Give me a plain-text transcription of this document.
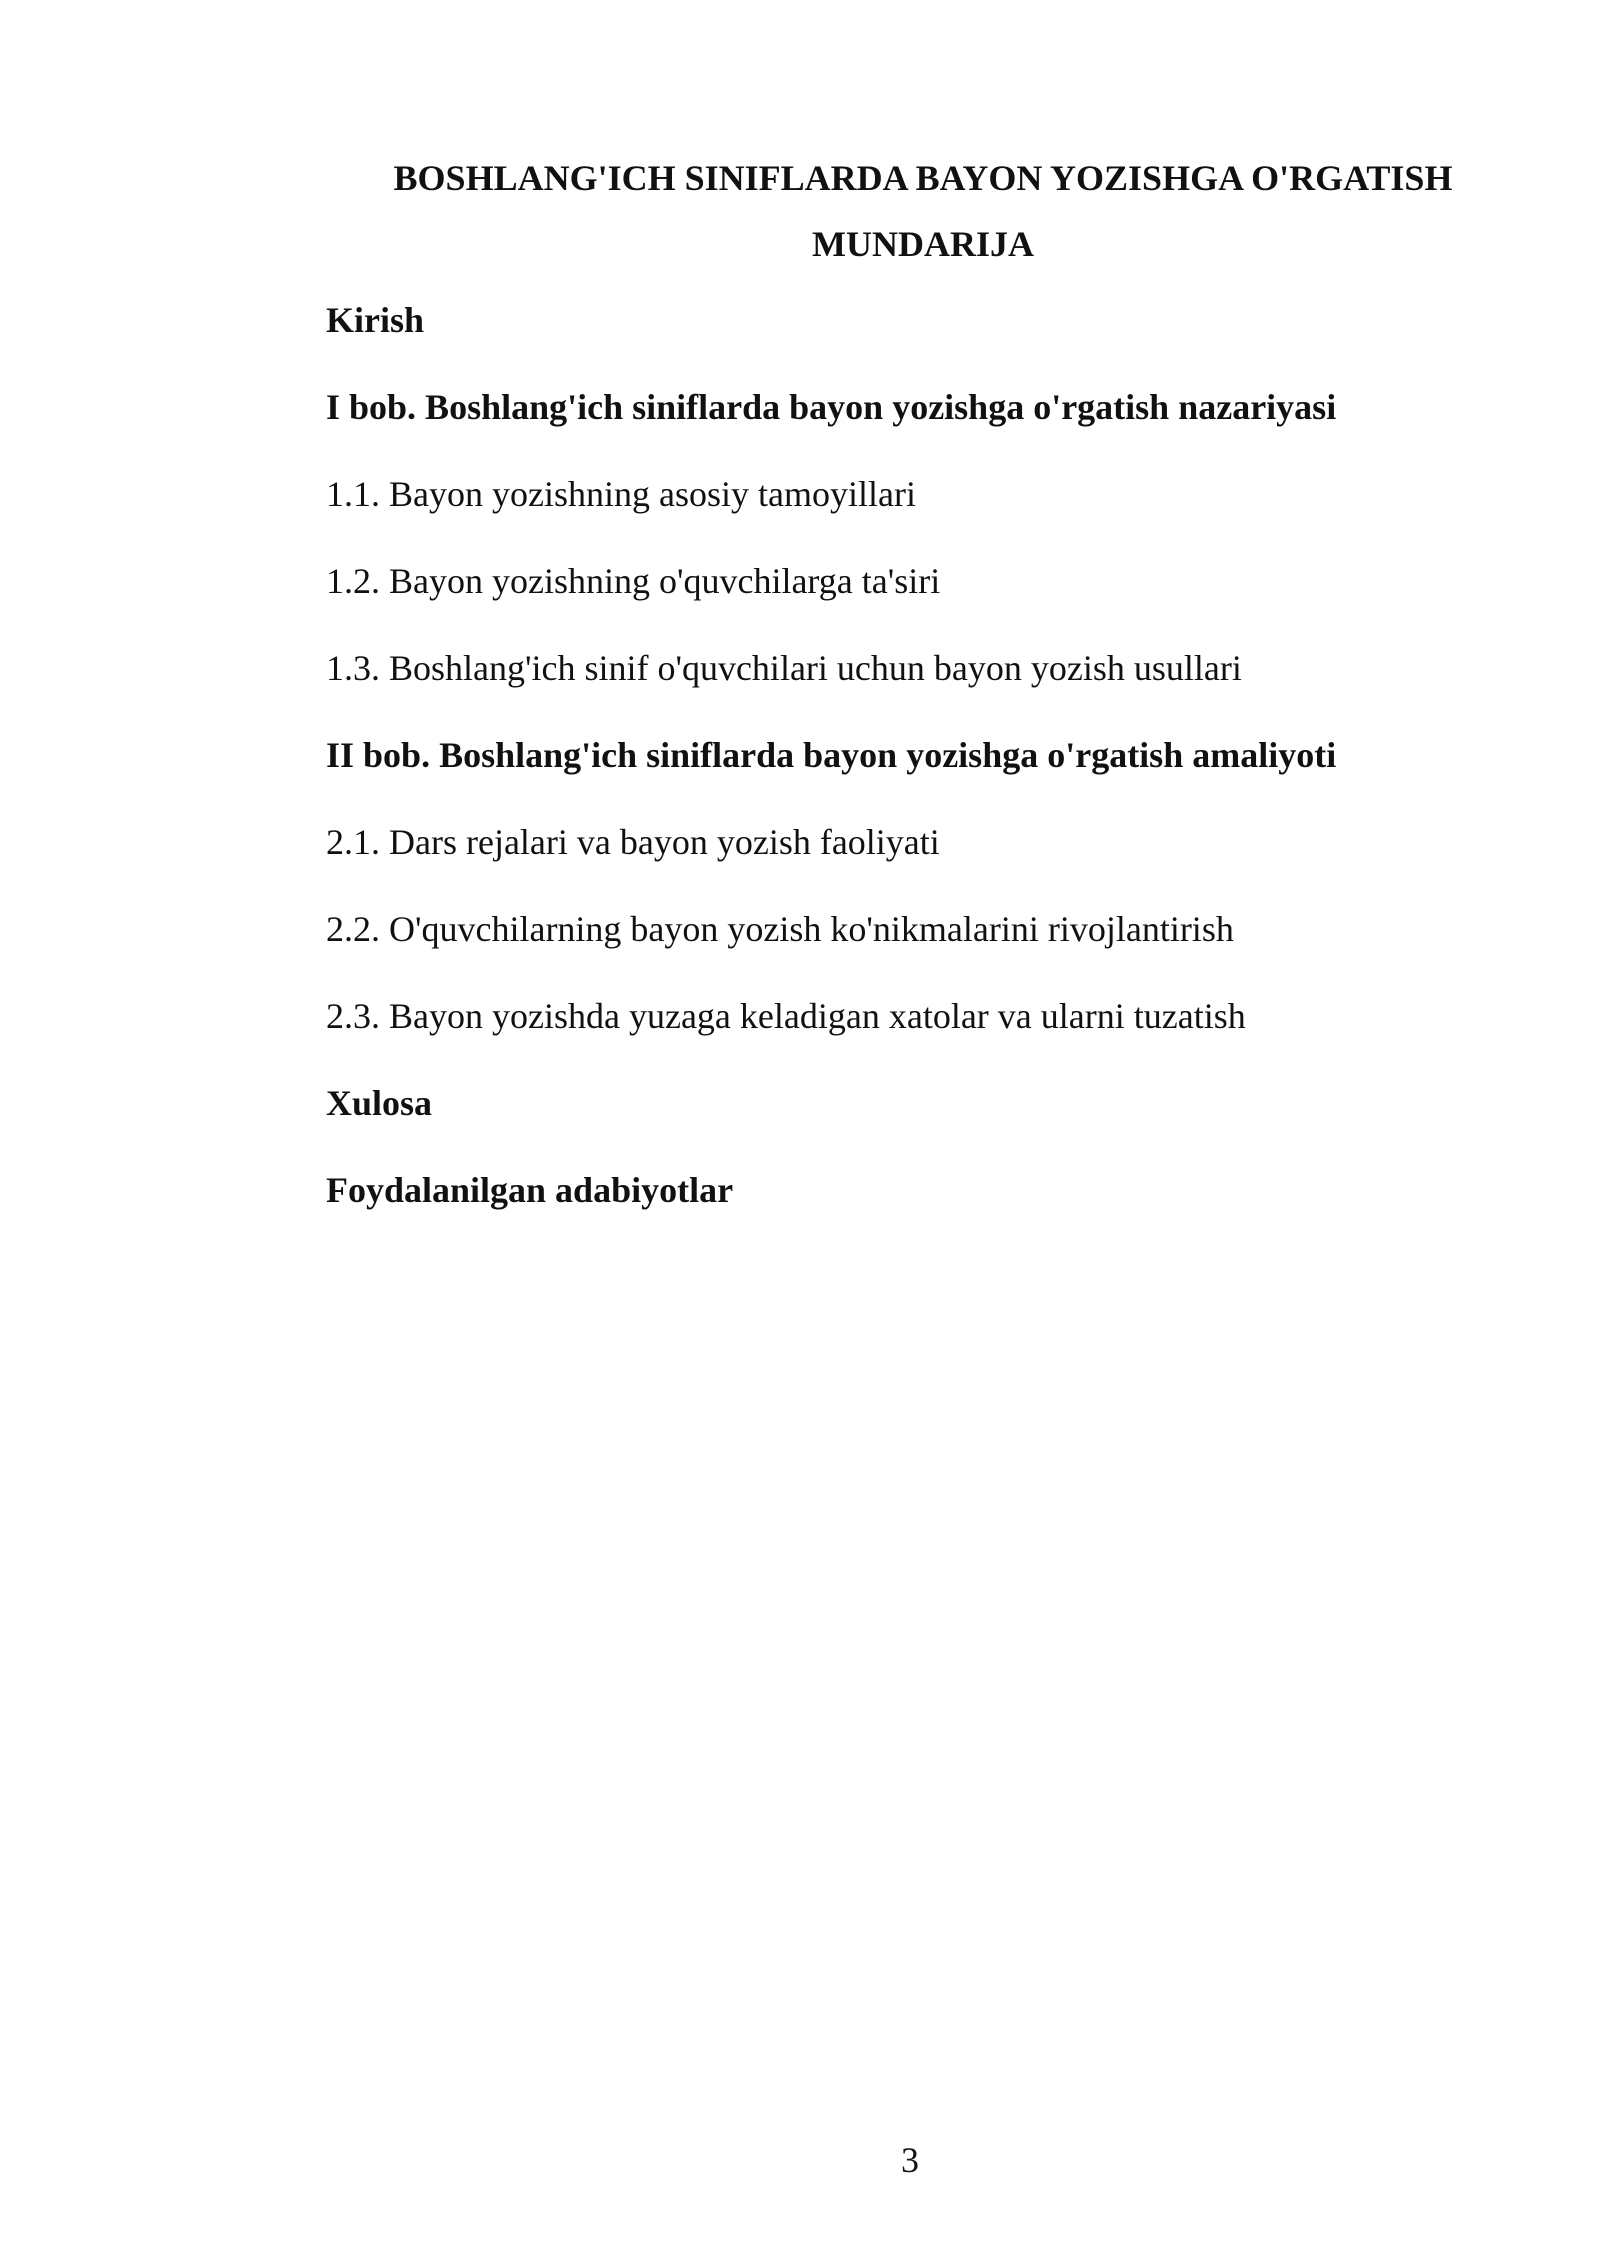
BOSHLANG'ICH SINIFLARDA BAYON YOZISHGA O'RGATISH
MUNDARIJA
Kirish
I bob. Boshlang'ich siniflarda bayon yozishga o'rgatish nazariyasi
1.1. Bayon yozishning asosiy tamoyillari
1.2. Bayon yozishning o'quvchilarga ta'siri
1.3. Boshlang'ich sinif o'quvchilari uchun bayon yozish usullari
II bob. Boshlang'ich siniflarda bayon yozishga o'rgatish amaliyoti
2.1. Dars rejalari va bayon yozish faoliyati
2.2. O'quvchilarning bayon yozish ko'nikmalarini rivojlantirish
2.3. Bayon yozishda yuzaga keladigan xatolar va ularni tuzatish
Xulosa
Foydalanilgan adabiyotlar
3
